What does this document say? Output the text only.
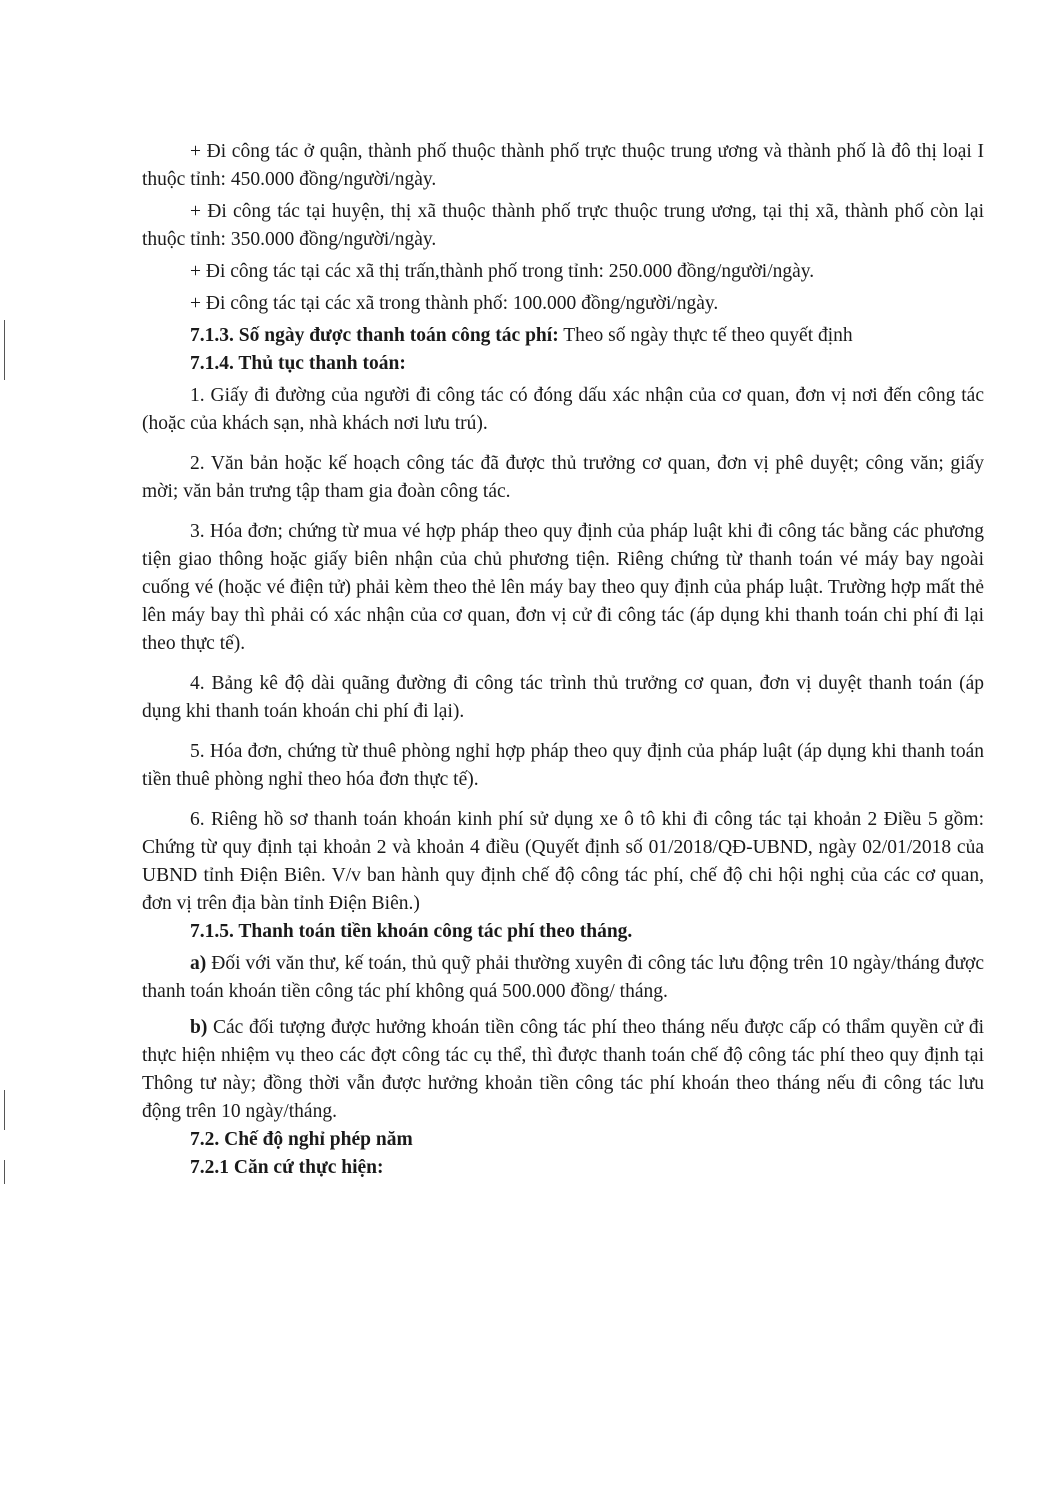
+ Đi công tác ở quận, thành phố thuộc thành phố trực thuộc trung ương và thành phố là đô thị loại I thuộc tỉnh: 450.000 đồng/người/ngày.

+ Đi công tác tại huyện, thị xã thuộc thành phố trực thuộc trung ương, tại thị xã, thành phố còn lại thuộc tỉnh: 350.000 đồng/người/ngày.

+ Đi công tác tại các xã thị trấn,thành phố trong tỉnh: 250.000 đồng/người/ngày.

+ Đi công tác tại các xã trong thành phố: 100.000 đồng/người/ngày.

7.1.3. Số ngày được thanh toán công tác phí: Theo số ngày thực tế theo quyết định

7.1.4. Thủ tục thanh toán:

1. Giấy đi đường của người đi công tác có đóng dấu xác nhận của cơ quan, đơn vị nơi đến công tác (hoặc của khách sạn, nhà khách nơi lưu trú).

2. Văn bản hoặc kế hoạch công tác đã được thủ trưởng cơ quan, đơn vị phê duyệt; công văn; giấy mời; văn bản trưng tập tham gia đoàn công tác.

3. Hóa đơn; chứng từ mua vé hợp pháp theo quy định của pháp luật khi đi công tác bằng các phương tiện giao thông hoặc giấy biên nhận của chủ phương tiện. Riêng chứng từ thanh toán vé máy bay ngoài cuống vé (hoặc vé điện tử) phải kèm theo thẻ lên máy bay theo quy định của pháp luật. Trường hợp mất thẻ lên máy bay thì phải có xác nhận của cơ quan, đơn vị cử đi công tác (áp dụng khi thanh toán chi phí đi lại theo thực tế).

4. Bảng kê độ dài quãng đường đi công tác trình thủ trưởng cơ quan, đơn vị duyệt thanh toán (áp dụng khi thanh toán khoán chi phí đi lại).

5. Hóa đơn, chứng từ thuê phòng nghỉ hợp pháp theo quy định của pháp luật (áp dụng khi thanh toán tiền thuê phòng nghỉ theo hóa đơn thực tế).

6. Riêng hồ sơ thanh toán khoán kinh phí sử dụng xe ô tô khi đi công tác tại khoản 2 Điều 5 gồm: Chứng từ quy định tại khoản 2 và khoản 4 điều (Quyết định số 01/2018/QĐ-UBND, ngày 02/01/2018 của UBND tỉnh Điện Biên. V/v ban hành quy định chế độ công tác phí, chế độ chi hội nghị của các cơ quan, đơn vị trên địa bàn tỉnh Điện Biên.)

7.1.5. Thanh toán tiền khoán công tác phí theo tháng.

a) Đối với văn thư, kế toán, thủ quỹ phải thường xuyên đi công tác lưu động trên 10 ngày/tháng được thanh toán khoán tiền công tác phí không quá 500.000 đồng/ tháng.

b) Các đối tượng được hưởng khoán tiền công tác phí theo tháng nếu được cấp có thẩm quyền cử đi thực hiện nhiệm vụ theo các đợt công tác cụ thể, thì được thanh toán chế độ công tác phí theo quy định tại Thông tư này; đồng thời vẫn được hưởng khoản tiền công tác phí khoán theo tháng nếu đi công tác lưu động trên 10 ngày/tháng.

7.2. Chế độ nghỉ phép năm

7.2.1 Căn cứ thực hiện:
